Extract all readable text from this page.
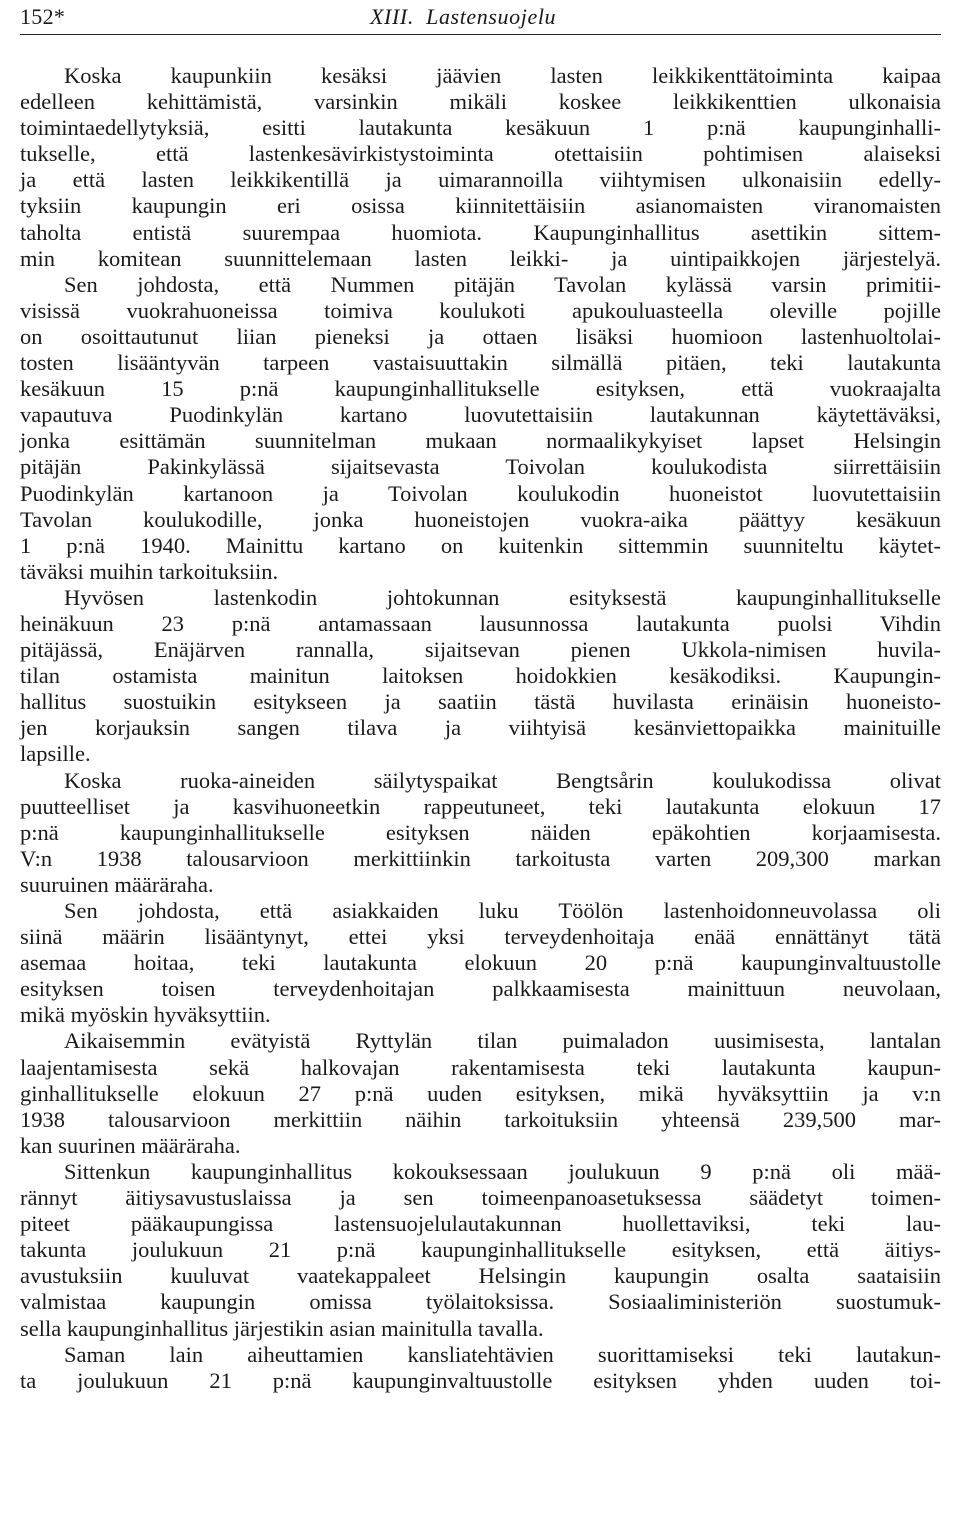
152*	XIII.  Lastensuojelu
Koska kaupunkiin kesäksi jäävien lasten leikkikenttätoiminta kaipaa
edelleen kehittämistä, varsinkin mikäli koskee leikkikenttien ulkonaisia
toimintaedellytyksiä, esitti lautakunta kesäkuun 1 p:nä kaupunginhalli-
tukselle, että lastenkesävirkistystoiminta otettaisiin pohtimisen alaiseksi
ja että lasten leikkikentillä ja uimarannoilla viihtymisen ulkonaisiin edelly-
tyksiin kaupungin eri osissa kiinnitettäisiin asianomaisten viranomaisten
taholta entistä suurempaa huomiota. Kaupunginhallitus asettikin sittem-
min komitean suunnittelemaan lasten leikki- ja uintipaikkojen järjestelyä.
Sen johdosta, että Nummen pitäjän Tavolan kylässä varsin primitii-
visissä vuokrahuoneissa toimiva koulukoti apukouluasteella oleville pojille
on osoittautunut liian pieneksi ja ottaen lisäksi huomioon lastenhuoltolai-
tosten lisääntyvän tarpeen vastaisuuttakin silmällä pitäen, teki lautakunta
kesäkuun 15 p:nä kaupunginhallitukselle esityksen, että vuokraajalta
vapautuva Puodinkylän kartano luovutettaisiin lautakunnan käytettäväksi,
jonka esittämän suunnitelman mukaan normaalikykyiset lapset Helsingin
pitäjän Pakinkylässä sijaitsevasta Toivolan koulukodista siirrettäisiin
Puodinkylän kartanoon ja Toivolan koulukodin huoneistot luovutettaisiin
Tavolan koulukodille, jonka huoneistojen vuokra-aika päättyy kesäkuun
1 p:nä 1940. Mainittu kartano on kuitenkin sittemmin suunniteltu käytet-
täväksi muihin tarkoituksiin.
Hyvösen lastenkodin johtokunnan esityksestä kaupunginhallitukselle
heinäkuun 23 p:nä antamassaan lausunnossa lautakunta puolsi Vihdin
pitäjässä, Enäjärven rannalla, sijaitsevan pienen Ukkola-nimisen huvila-
tilan ostamista mainitun laitoksen hoidokkien kesäkodiksi. Kaupungin-
hallitus suostuikin esitykseen ja saatiin tästä huvilasta erinäisin huoneisto-
jen korjauksin sangen tilava ja viihtyisä kesänviettopaikka mainituille
lapsille.
Koska ruoka-aineiden säilytyspaikat Bengtsårin koulukodissa olivat
puutteelliset ja kasvihuoneetkin rappeutuneet, teki lautakunta elokuun 17
p:nä kaupunginhallitukselle esityksen näiden epäkohtien korjaamisesta.
V:n 1938 talousarvioon merkittiinkin tarkoitusta varten 209,300 markan
suuruinen määräraha.
Sen johdosta, että asiakkaiden luku Töölön lastenhoidonneuvolassa oli
siinä määrin lisääntynyt, ettei yksi terveydenhoitaja enää ennättänyt tätä
asemaa hoitaa, teki lautakunta elokuun 20 p:nä kaupunginvaltuustolle
esityksen toisen terveydenhoitajan palkkaamisesta mainittuun neuvolaan,
mikä myöskin hyväksyttiin.
Aikaisemmin evätyistä Ryttylän tilan puimaladon uusimisesta, lantalan
laajentamisesta sekä halkovajan rakentamisesta teki lautakunta kaupun-
ginhallitukselle elokuun 27 p:nä uuden esityksen, mikä hyväksyttiin ja v:n
1938 talousarvioon merkittiin näihin tarkoituksiin yhteensä 239,500 mar-
kan suurinen määräraha.
Sittenkun kaupunginhallitus kokouksessaan joulukuun 9 p:nä oli mää-
rännyt äitiysavustuslaissa ja sen toimeenpanoasetuksessa säädetyt toimen-
piteet pääkaupungissa lastensuojelulautakunnan huollettaviksi, teki lau-
takunta joulukuun 21 p:nä kaupunginhallitukselle esityksen, että äitiys-
avustuksiin kuuluvat vaatekappaleet Helsingin kaupungin osalta saataisiin
valmistaa kaupungin omissa työlaitoksissa. Sosiaaliministeriön suostumuk-
sella kaupunginhallitus järjestikin asian mainitulla tavalla.
Saman lain aiheuttamien kansliatehtävien suorittamiseksi teki lautakun-
ta joulukuun 21 p:nä kaupunginvaltuustolle esityksen yhden uuden toi-
